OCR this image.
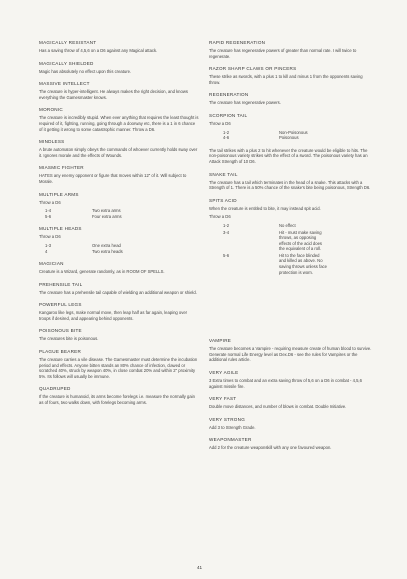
MAGICALLY RESISTANT
Has a saving throw of 4,5,6 on a D6 against any Magical attack.
MAGICALLY SHIELDED
Magic has absolutely no effect upon this creature.
MASSIVE INTELLECT
The creature is hyper-intelligent. He always makes the right decision, and knows everything the Gamesmaster knows.
MORONIC
The creature is incredibly stupid. When ever anything that requires the least thought is required of it, fighting, running, going through a doorway etc, there is a 1 in 6 chance of it getting it wrong to some catastrophic manner. Throw a D6.
MINDLESS
A brute automaton simply obeys the commands of whoever currently holds sway over it. Ignores morale and the effects of Wounds.
MIASMIC FIGHTER
HATES any enemy opponent or figure that moves within 12" of it. Will subject to Morale.
MULTIPLE ARMS
Throw a D6
1-4	Two extra arms
5-6	Four extra arms
MULTIPLE HEADS
Throw a D6
1-3	One extra head
4	Two extra heads
MAGICIAN
Creature is a Wizard, generate randomly, as in ROOM OF SPELLS.
PREHENSILE TAIL
The creature has a prehensile tail capable of wielding an additional weapon or shield.
POWERFUL LEGS
Kangaroo like legs, make normal move, then leap half as far again, leaping over troops if desired, and appearing behind opponents.
POISONOUS BITE
The creatures bite is poisonous.
PLAGUE BEARER
The creature carries a vile disease. The Gamesmaster must determine the incubation period and effects. Anyone bitten stands an 80% chance of infection, clawed or scratched 40%, struck by weapon 40%, in close combat 20% and within 2" proximity 5%. Its follows will usually be immune.
QUADRUPED
If the creature is humanoid, its arms become forelegs i.e. measure the normally gain as of fours, two walks down, with forelegs becoming arms.
RAPID REGENERATION
The creature has regenerative powers of greater than normal rate. I will twice to regenerate.
RAZOR SHARP CLAWS OR PINCERS
These strike as swords, with a plus 1 to kill and minus 1 from the opponents saving throw.
REGENERATION
The creature has regenerative powers.
SCORPION TAIL
Throw a D6
1-2	Non-Poisonous
4-6	Poisonous
The tail strikes with a plus 2 to hit whenever the creature would be eligible to hits. The non-poisonous variety strikes with the effect of a sword. The poisonous variety has an Attack Strength of 10 D6.
SNAKE TAIL
The creature has a tail which terminates in the head of a snake. This attacks with a Strength of 1. There is a 50% chance of the snake's bite being poisonous, Strength D6.
SPITS ACID
When the creature is entitled to bite, it may instead spit acid.
Throw a D6
1-2	No effect
3-4	Hit - must make saving throws, as opposing effects of the acid does the equivalent of a roll.
5-6	Hit to the face blinded and killed as above. No saving throws unless face protection is worn.
VAMPIRE
The creature becomes a Vampire - requiring measure create of human blood to survive. Generate normal Life Energy level as Dex.D6 - see the rules for Vampires or the additional rules article.
VERY AGILE
3 Extra times to combat and an extra saving throw of 5,6 on a D6 in combat - 4,5,6 against missile fire.
VERY FAST
Double move distances, and number of blows in combat. Double Initiative.
VERY STRONG
Add 3 to Strength Grade.
WEAPONMASTER
Add 2 for the creature weaponskill with any one favoured weapon.
41
